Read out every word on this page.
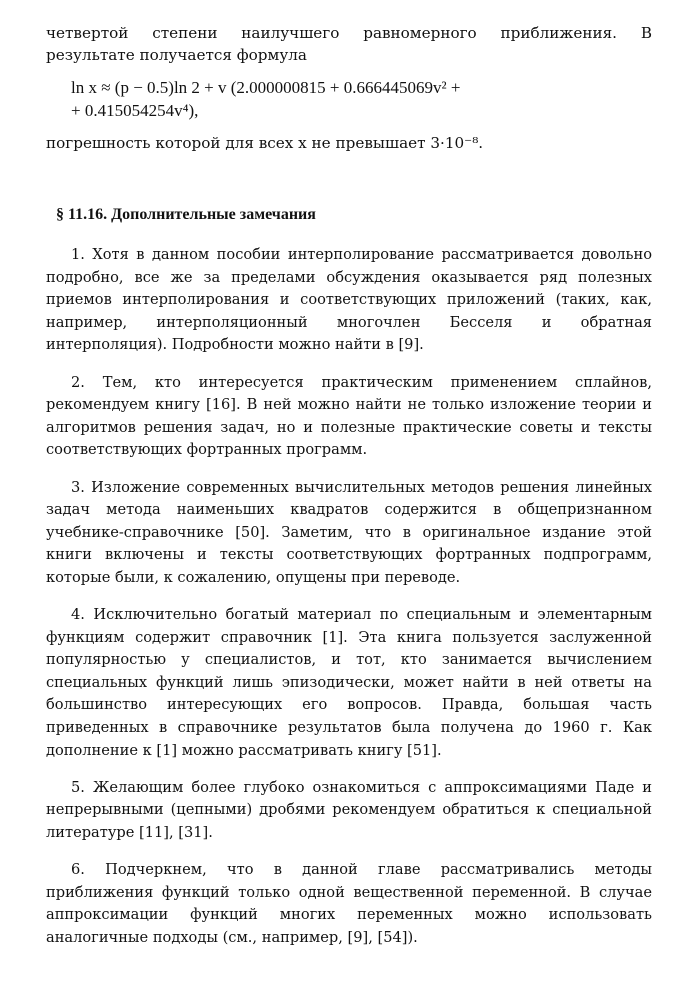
четвертой степени наилучшего равномерного приближения. В
результате получается формула
ln x ≈ (p − 0.5)ln 2 + v (2.000000815 + 0.666445069v² +
+ 0.415054254v⁴),
погрешность которой для всех x не превышает 3·10⁻⁸.
§ 11.16. Дополнительные замечания

1. Хотя в данном пособии интерполирование рассматривается довольно подробно, все же за пределами обсуждения оказывается ряд полезных приемов интерполирования и соответствующих приложений (таких, как, например, интерполяционный многочлен Бесселя и обратная интерполяция). Подробности можно найти в [9].

2. Тем, кто интересуется практическим применением сплайнов, рекомендуем книгу [16]. В ней можно найти не только изложение теории и алгоритмов решения задач, но и полезные практические советы и тексты соответствующих фортранных программ.

3. Изложение современных вычислительных методов решения линейных задач метода наименьших квадратов содержится в общепризнанном учебнике-справочнике [50]. Заметим, что в оригинальное издание этой книги включены и тексты соответствующих фортранных подпрограмм, которые были, к сожалению, опущены при переводе.

4. Исключительно богатый материал по специальным и элементарным функциям содержит справочник [1]. Эта книга пользуется заслуженной популярностью у специалистов, и тот, кто занимается вычислением специальных функций лишь эпизодически, может найти в ней ответы на большинство интересующих его вопросов. Правда, большая часть приведенных в справочнике результатов была получена до 1960 г. Как дополнение к [1] можно рассматривать книгу [51].

5. Желающим более глубоко ознакомиться с аппроксимациями Паде и непрерывными (цепными) дробями рекомендуем обратиться к специальной литературе [11], [31].

6. Подчеркнем, что в данной главе рассматривались методы приближения функций только одной вещественной переменной. В случае аппроксимации функций многих переменных можно использовать аналогичные подходы (см., например, [9], [54]).
